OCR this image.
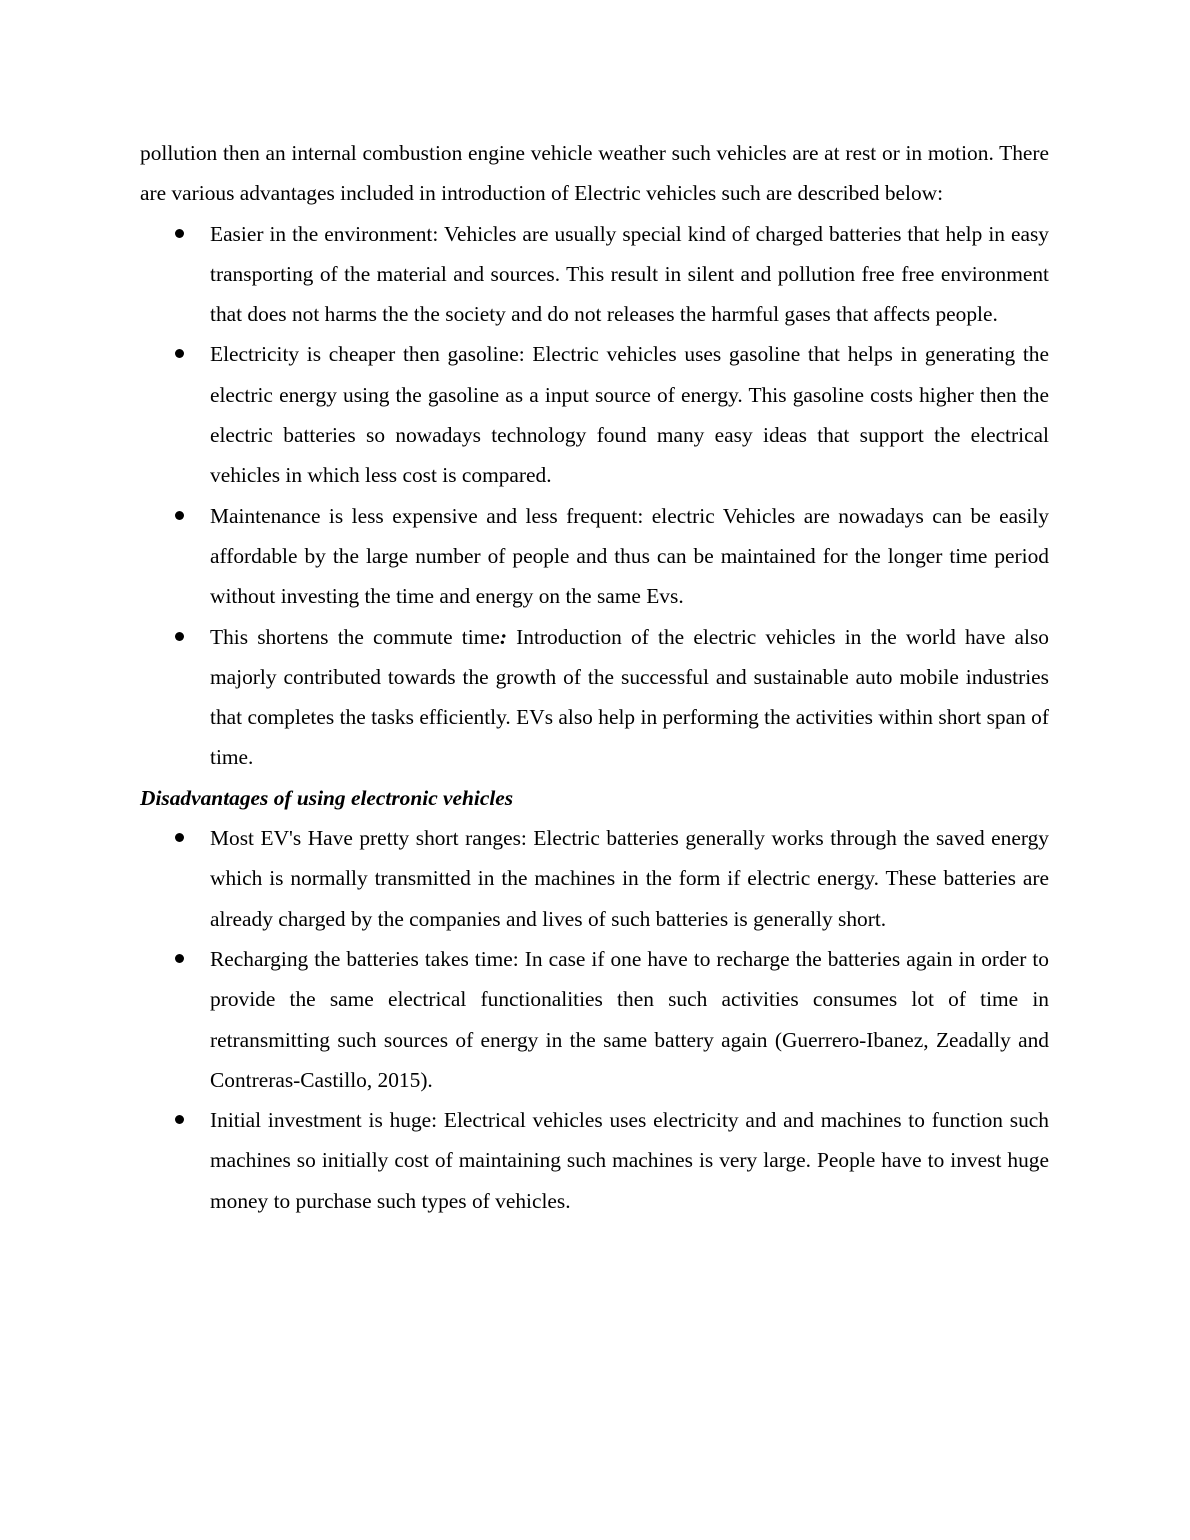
pollution then an internal combustion engine vehicle weather such vehicles are at rest or in motion. There are various advantages included in introduction of Electric vehicles such are described below:

Easier in the environment: Vehicles are usually special kind of charged batteries that help in easy transporting of the material and sources. This result in silent and pollution free free environment that does not harms the the society and do not releases the harmful gases that affects people.
Electricity is cheaper then gasoline: Electric vehicles uses gasoline that helps in generating the electric energy using the gasoline as a input source of energy. This gasoline costs higher then the electric batteries so nowadays technology found many easy ideas that support the electrical vehicles in which less cost is compared.
Maintenance is less expensive and less frequent: electric Vehicles are nowadays can be easily affordable by the large number of people and thus can be maintained for the longer time period without investing the time and energy on the same Evs.
This shortens the commute time: Introduction of the electric vehicles in the world have also majorly contributed towards the growth of the successful and sustainable auto mobile industries that completes the tasks efficiently. EVs also help in performing the activities within short span of time.

Disadvantages of using electronic vehicles

Most EV's Have pretty short ranges: Electric batteries generally works through the saved energy which is normally transmitted in the machines in the form if electric energy. These batteries are already charged by the companies and lives of such batteries is generally short.
Recharging the batteries takes time: In case if one have to recharge the batteries again in order to provide the same electrical functionalities then such activities consumes lot of time in retransmitting such sources of energy in the same battery again (Guerrero-Ibanez, Zeadally and Contreras-Castillo, 2015).
Initial investment is huge: Electrical vehicles uses electricity and and machines to function such machines so initially cost of maintaining such machines is very large. People have to invest huge money to purchase such types of vehicles.
